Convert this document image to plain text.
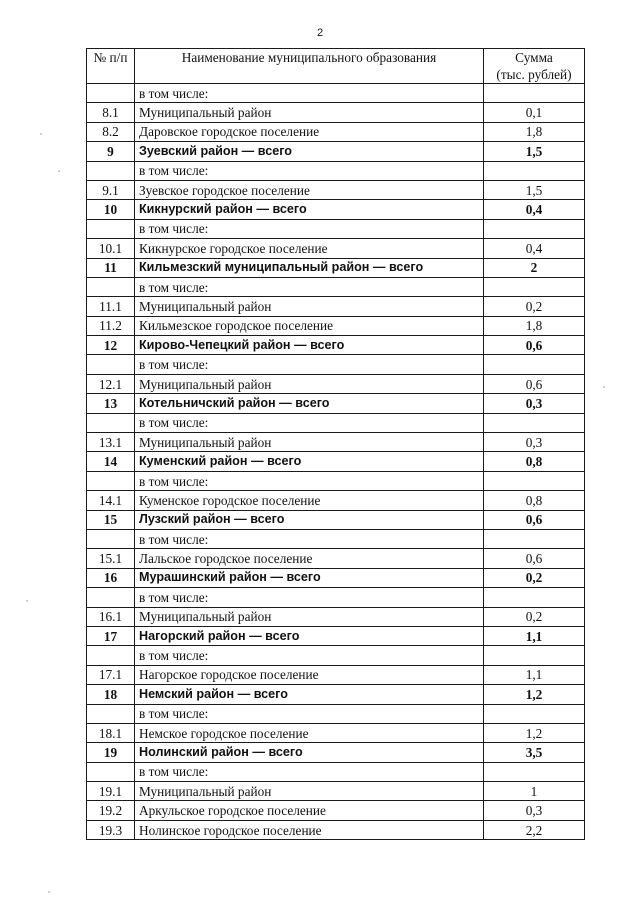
2
№ п/п	Наименование муниципального образования	Сумма
(тыс. рублей)

	в том числе:	
8.1	Муниципальный район	0,1
8.2	Даровское городское поселение	1,8
9	Зуевский район — всего	1,5
	в том числе:	
9.1	Зуевское городское поселение	1,5
10	Кикнурский район — всего	0,4
	в том числе:	
10.1	Кикнурское городское поселение	0,4
11	Кильмезский муниципальный район — всего	2
	в том числе:	
11.1	Муниципальный район	0,2
11.2	Кильмезское городское поселение	1,8
12	Кирово-Чепецкий район — всего	0,6
	в том числе:	
12.1	Муниципальный район	0,6
13	Котельничский район — всего	0,3
	в том числе:	
13.1	Муниципальный район	0,3
14	Куменский район — всего	0,8
	в том числе:	
14.1	Куменское городское поселение	0,8
15	Лузский район — всего	0,6
	в том числе:	
15.1	Лальское городское поселение	0,6
16	Мурашинский район — всего	0,2
	в том числе:	
16.1	Муниципальный район	0,2
17	Нагорский район — всего	1,1
	в том числе:	
17.1	Нагорское городское поселение	1,1
18	Немский район — всего	1,2
	в том числе:	
18.1	Немское городское поселение	1,2
19	Нолинский район — всего	3,5
	в том числе:	
19.1	Муниципальный район	1
19.2	Аркульское городское поселение	0,3
19.3	Нолинское городское поселение	2,2
